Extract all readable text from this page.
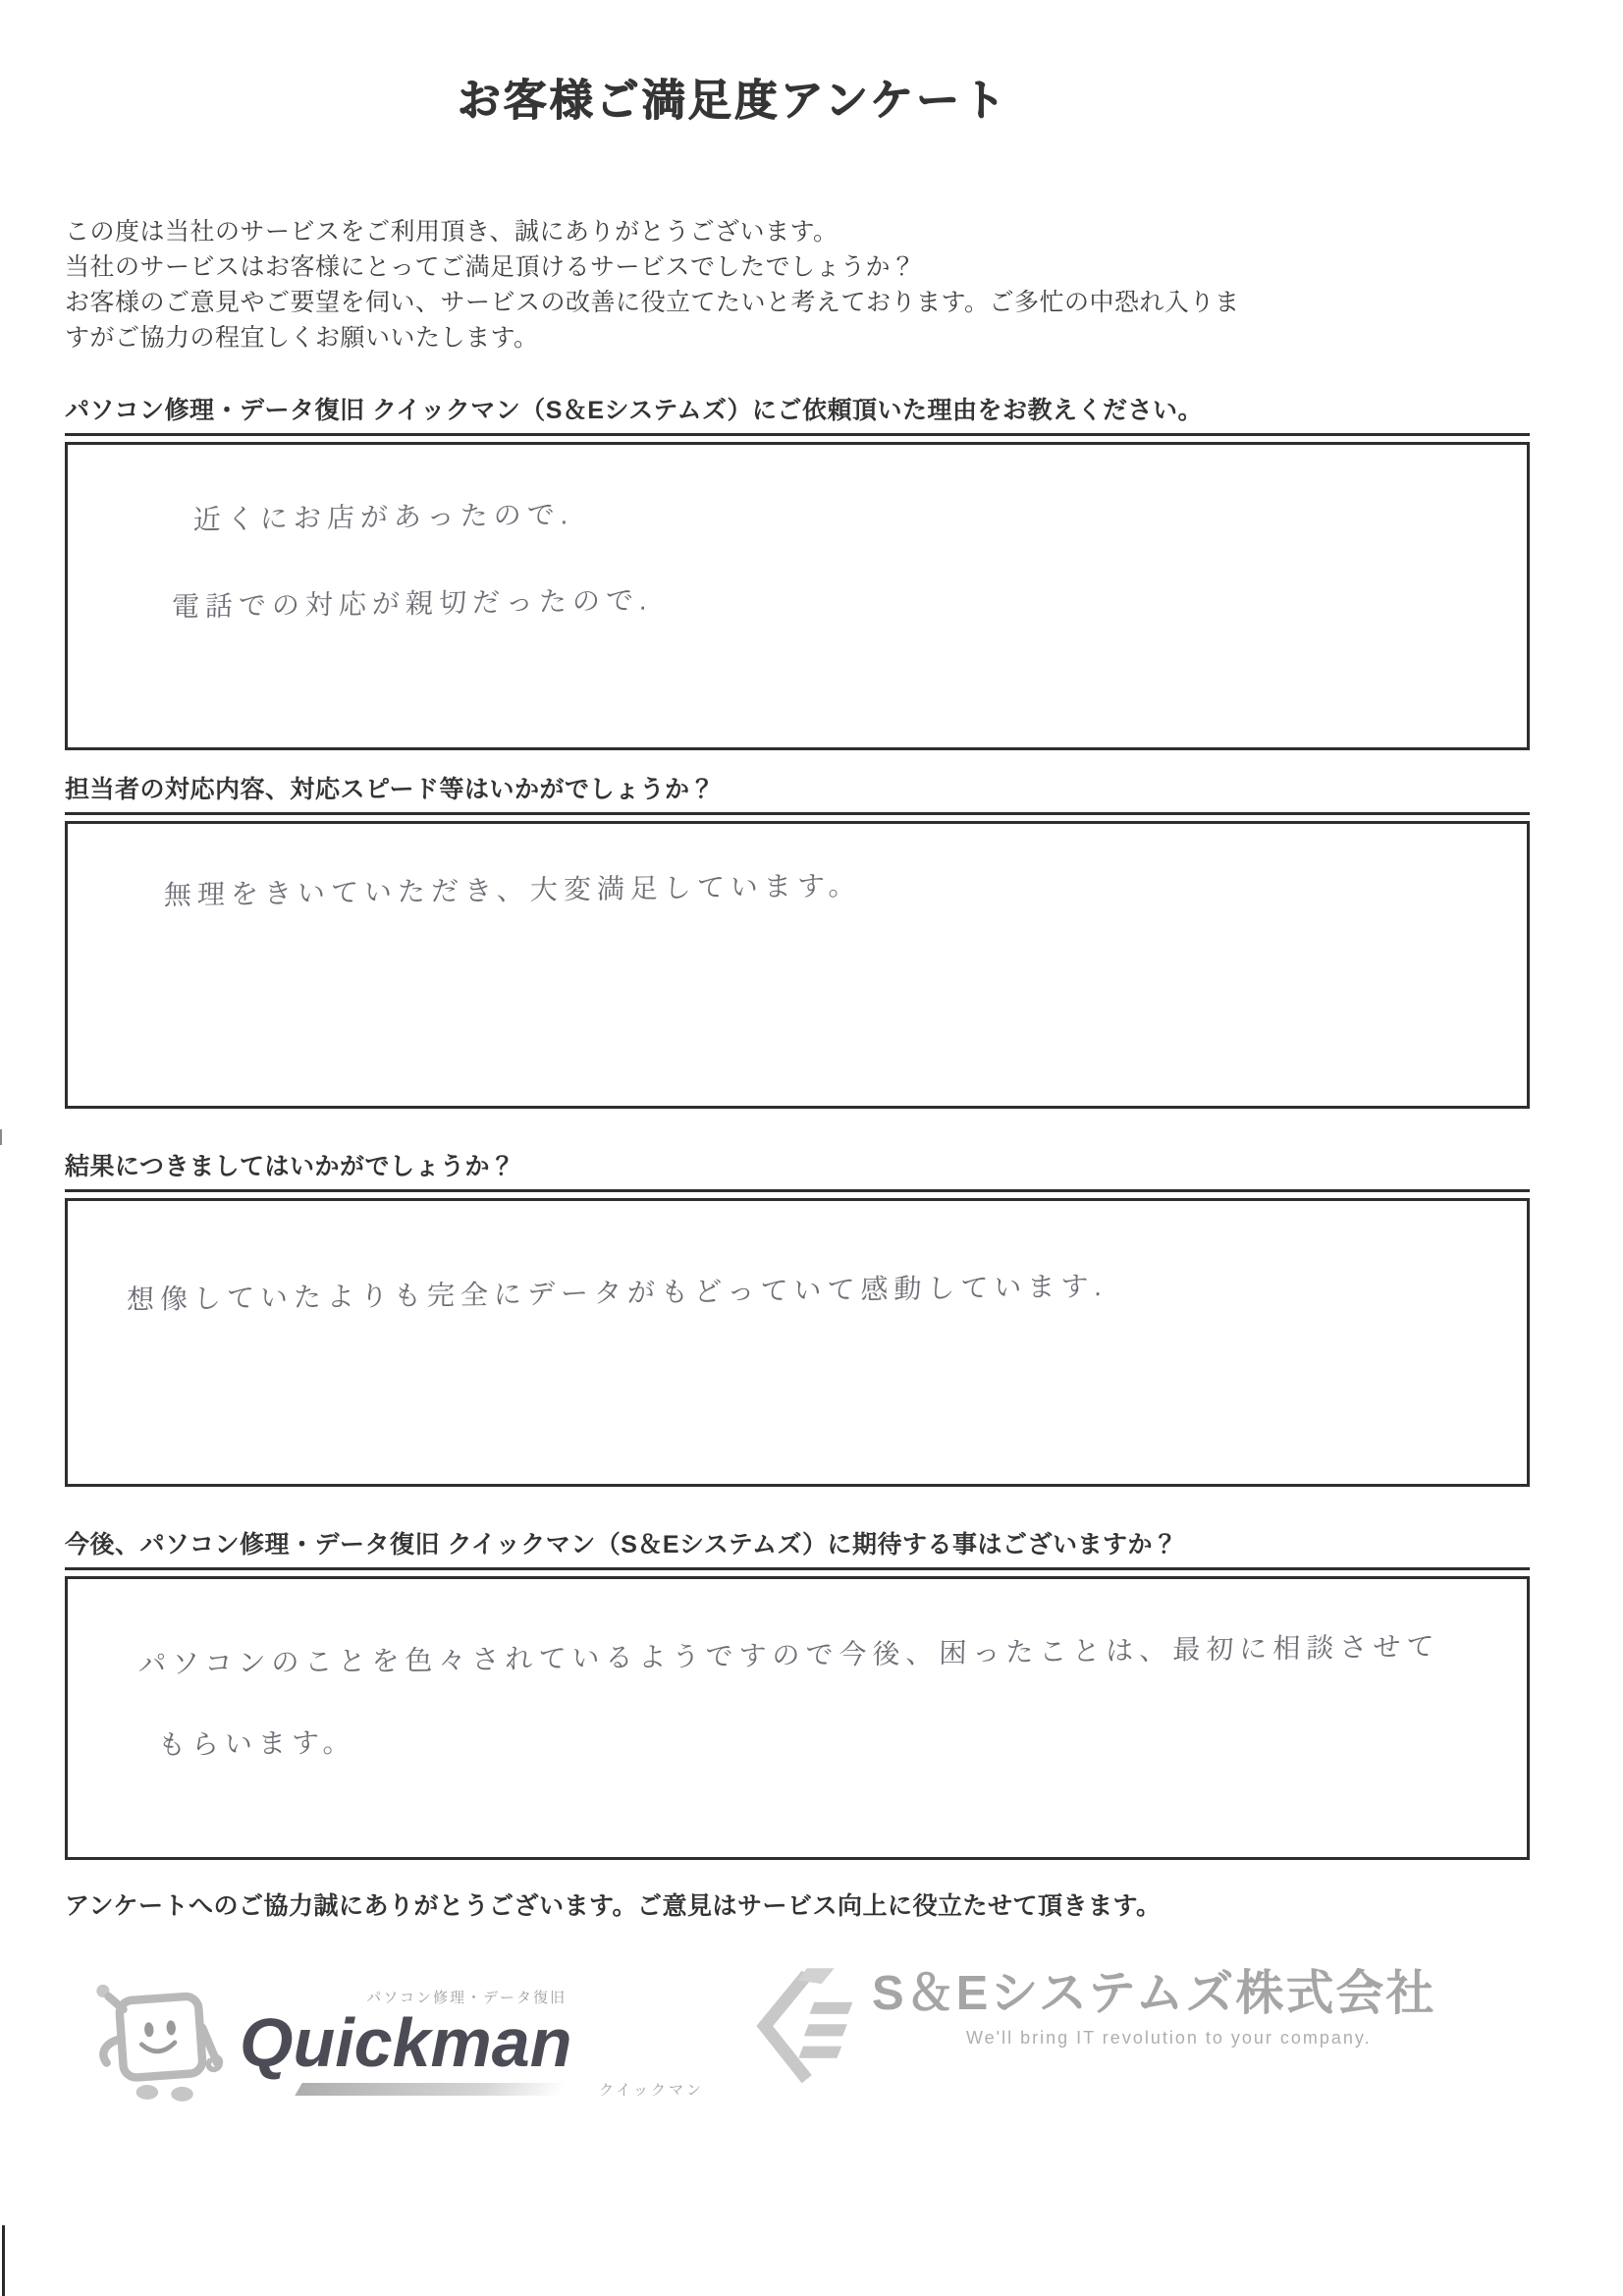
お客様ご満足度アンケート
この度は当社のサービスをご利用頂き、誠にありがとうございます。
当社のサービスはお客様にとってご満足頂けるサービスでしたでしょうか？
お客様のご意見やご要望を伺い、サービスの改善に役立てたいと考えております。ご多忙の中恐れ入りま
すがご協力の程宜しくお願いいたします。
パソコン修理・データ復旧 クイックマン（S＆Eシステムズ）にご依頼頂いた理由をお教えください。
近くにお店があったので.
電話での対応が親切だったので.
担当者の対応内容、対応スピード等はいかがでしょうか？
無理をきいていただき、大変満足しています。
結果につきましてはいかがでしょうか？
想像していたよりも完全にデータがもどっていて感動しています.
今後、パソコン修理・データ復旧 クイックマン（S＆Eシステムズ）に期待する事はございますか？
パソコンのことを色々されているようですので今後、困ったことは、最初に相談させて
もらいます。
アンケートへのご協力誠にありがとうございます。ご意見はサービス向上に役立たせて頂きます。
パソコン修理・データ復旧
Quickman
クイックマン
S＆Eシステムズ株式会社
We'll bring IT revolution to your company.
